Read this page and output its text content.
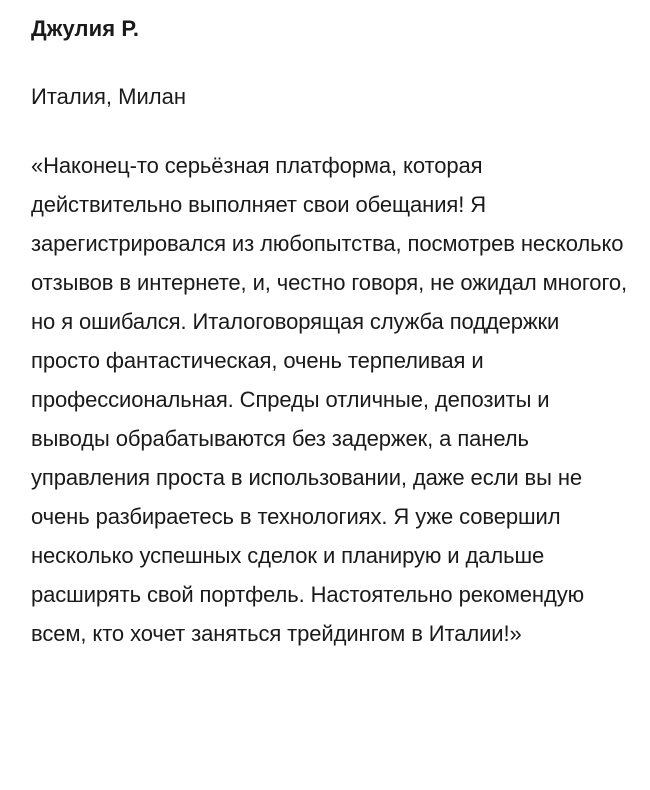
Джулия Р.

Италия, Милан

«Наконец-то серьёзная платформа, которая действительно выполняет свои обещания! Я зарегистрировался из любопытства, посмотрев несколько отзывов в интернете, и, честно говоря, не ожидал многого, но я ошибался. Италоговорящая служба поддержки просто фантастическая, очень терпеливая и профессиональная. Спреды отличные, депозиты и выводы обрабатываются без задержек, а панель управления проста в использовании, даже если вы не очень разбираетесь в технологиях. Я уже совершил несколько успешных сделок и планирую и дальше расширять свой портфель. Настоятельно рекомендую всем, кто хочет заняться трейдингом в Италии!»
